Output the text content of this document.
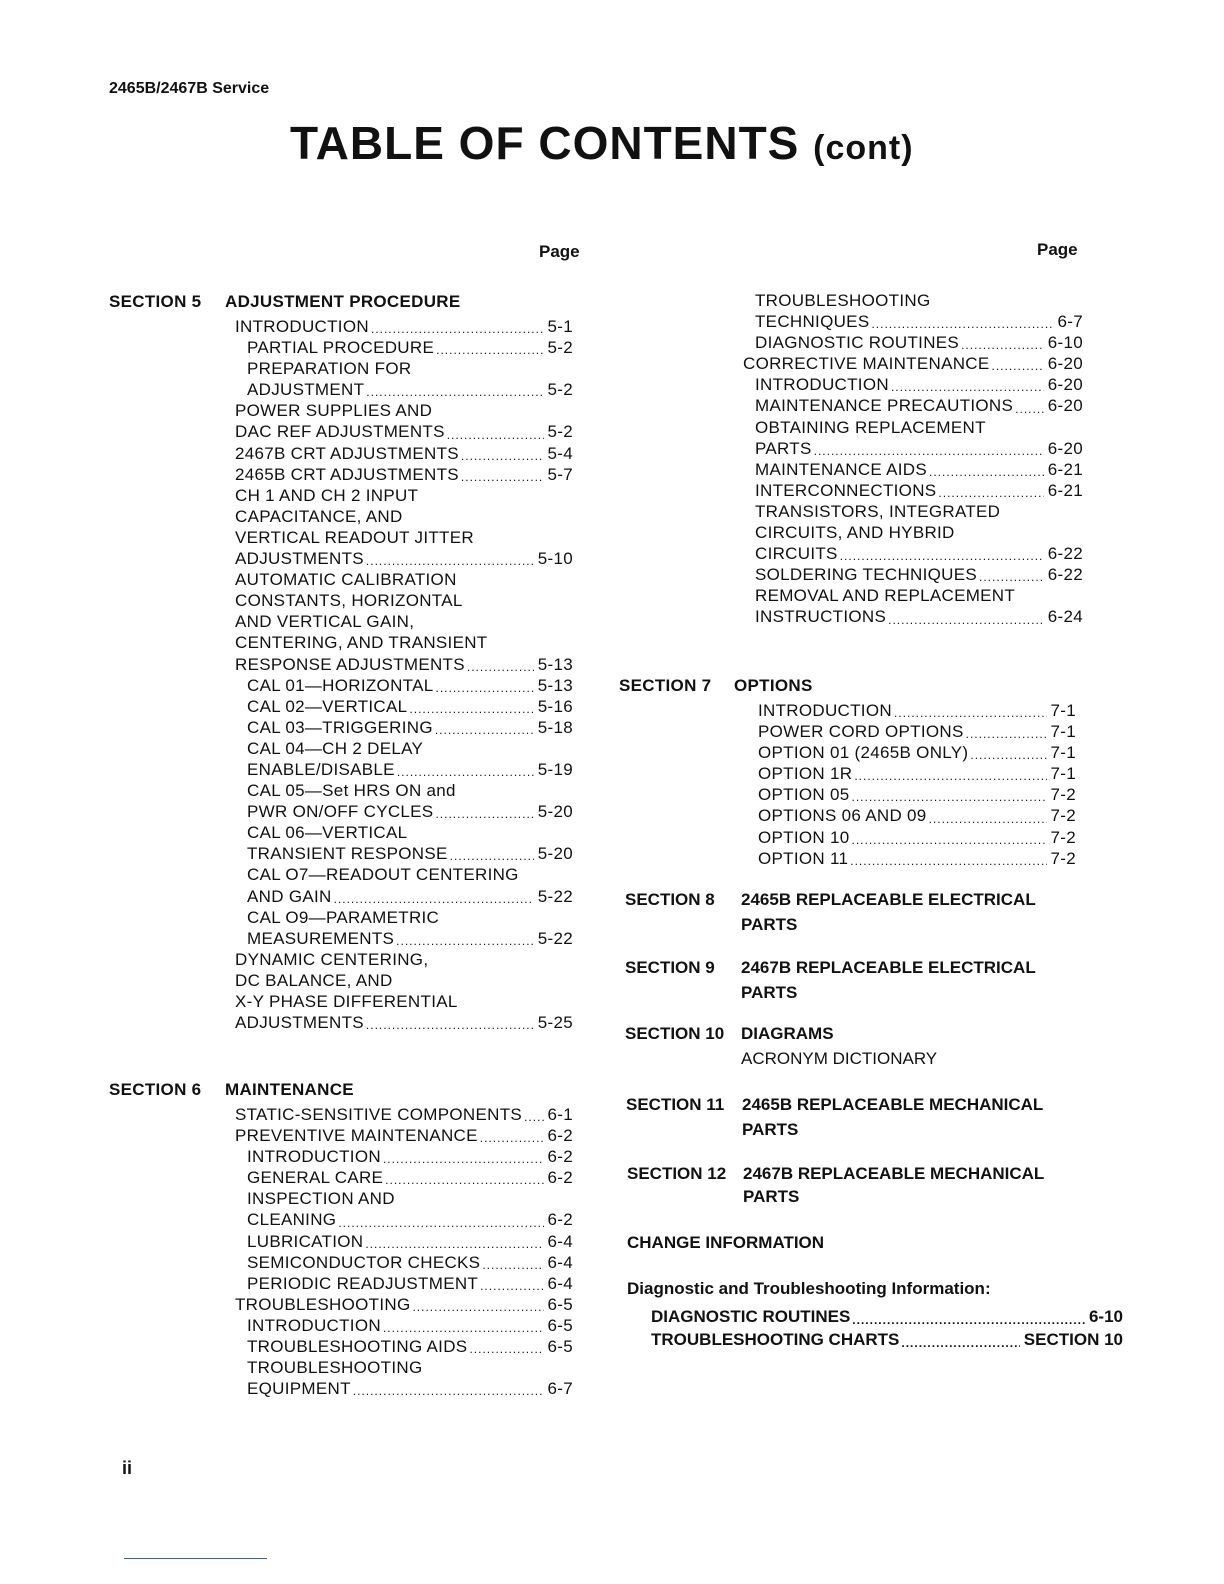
2465B/2467B Service
TABLE OF CONTENTS (cont)
Page	Page
SECTION 5 ADJUSTMENT PROCEDURE
INTRODUCTION .....	5-1
PARTIAL PROCEDURE .....	5-2
PREPARATION FOR
ADJUSTMENT .....	5-2
POWER SUPPLIES AND
DAC REF ADJUSTMENTS .....	5-2
2467B CRT ADJUSTMENTS .....	5-4
2465B CRT ADJUSTMENTS .....	5-7
CH 1 AND CH 2 INPUT
CAPACITANCE, AND
VERTICAL READOUT JITTER
ADJUSTMENTS .....	5-10
AUTOMATIC CALIBRATION
CONSTANTS, HORIZONTAL
AND VERTICAL GAIN,
CENTERING, AND TRANSIENT
RESPONSE ADJUSTMENTS .....	5-13
CAL 01—HORIZONTAL .....	5-13
CAL 02—VERTICAL .....	5-16
CAL 03—TRIGGERING .....	5-18
CAL 04—CH 2 DELAY
ENABLE/DISABLE .....	5-19
CAL 05—Set HRS ON and
PWR ON/OFF CYCLES .....	5-20
CAL 06—VERTICAL
TRANSIENT RESPONSE .....	5-20
CAL O7—READOUT CENTERING
AND GAIN .....	5-22
CAL O9—PARAMETRIC
MEASUREMENTS .....	5-22
DYNAMIC CENTERING,
DC BALANCE, AND
X-Y PHASE DIFFERENTIAL
ADJUSTMENTS .....	5-25
SECTION 6 MAINTENANCE
STATIC-SENSITIVE COMPONENTS ..... 6-1
PREVENTIVE MAINTENANCE .....	6-2
INTRODUCTION .....	6-2
GENERAL CARE .....	6-2
INSPECTION AND
CLEANING .....	6-2
LUBRICATION .....	6-4
SEMICONDUCTOR CHECKS .....	6-4
PERIODIC READJUSTMENT .....	6-4
TROUBLESHOOTING .....	6-5
INTRODUCTION .....	6-5
TROUBLESHOOTING AIDS .....	6-5
TROUBLESHOOTING
EQUIPMENT .....	6-7
TROUBLESHOOTING
TECHNIQUES .....	6-7
DIAGNOSTIC ROUTINES .....	6-10
CORRECTIVE MAINTENANCE .....	6-20
INTRODUCTION .....	6-20
MAINTENANCE PRECAUTIONS ..... 6-20
OBTAINING REPLACEMENT
PARTS .....	6-20
MAINTENANCE AIDS .....	6-21
INTERCONNECTIONS .....	6-21
TRANSISTORS, INTEGRATED
CIRCUITS, AND HYBRID
CIRCUITS .....	6-22
SOLDERING TECHNIQUES .....	6-22
REMOVAL AND REPLACEMENT
INSTRUCTIONS .....	6-24
SECTION 7 OPTIONS
INTRODUCTION .....	7-1
POWER CORD OPTIONS .....	7-1
OPTION 01 (2465B ONLY) .....	7-1
OPTION 1R .....	7-1
OPTION 05 .....	7-2
OPTIONS 06 AND 09 .....	7-2
OPTION 10 .....	7-2
OPTION 11 .....	7-2
SECTION 8 2465B REPLACEABLE ELECTRICAL
PARTS
SECTION 9 2467B REPLACEABLE ELECTRICAL
PARTS
SECTION 10 DIAGRAMS
ACRONYM DICTIONARY
SECTION 11 2465B REPLACEABLE MECHANICAL
PARTS
SECTION 12 2467B REPLACEABLE MECHANICAL
PARTS
CHANGE INFORMATION
Diagnostic and Troubleshooting Information:
DIAGNOSTIC ROUTINES .....	6-10
TROUBLESHOOTING CHARTS .....	SECTION 10
ii
